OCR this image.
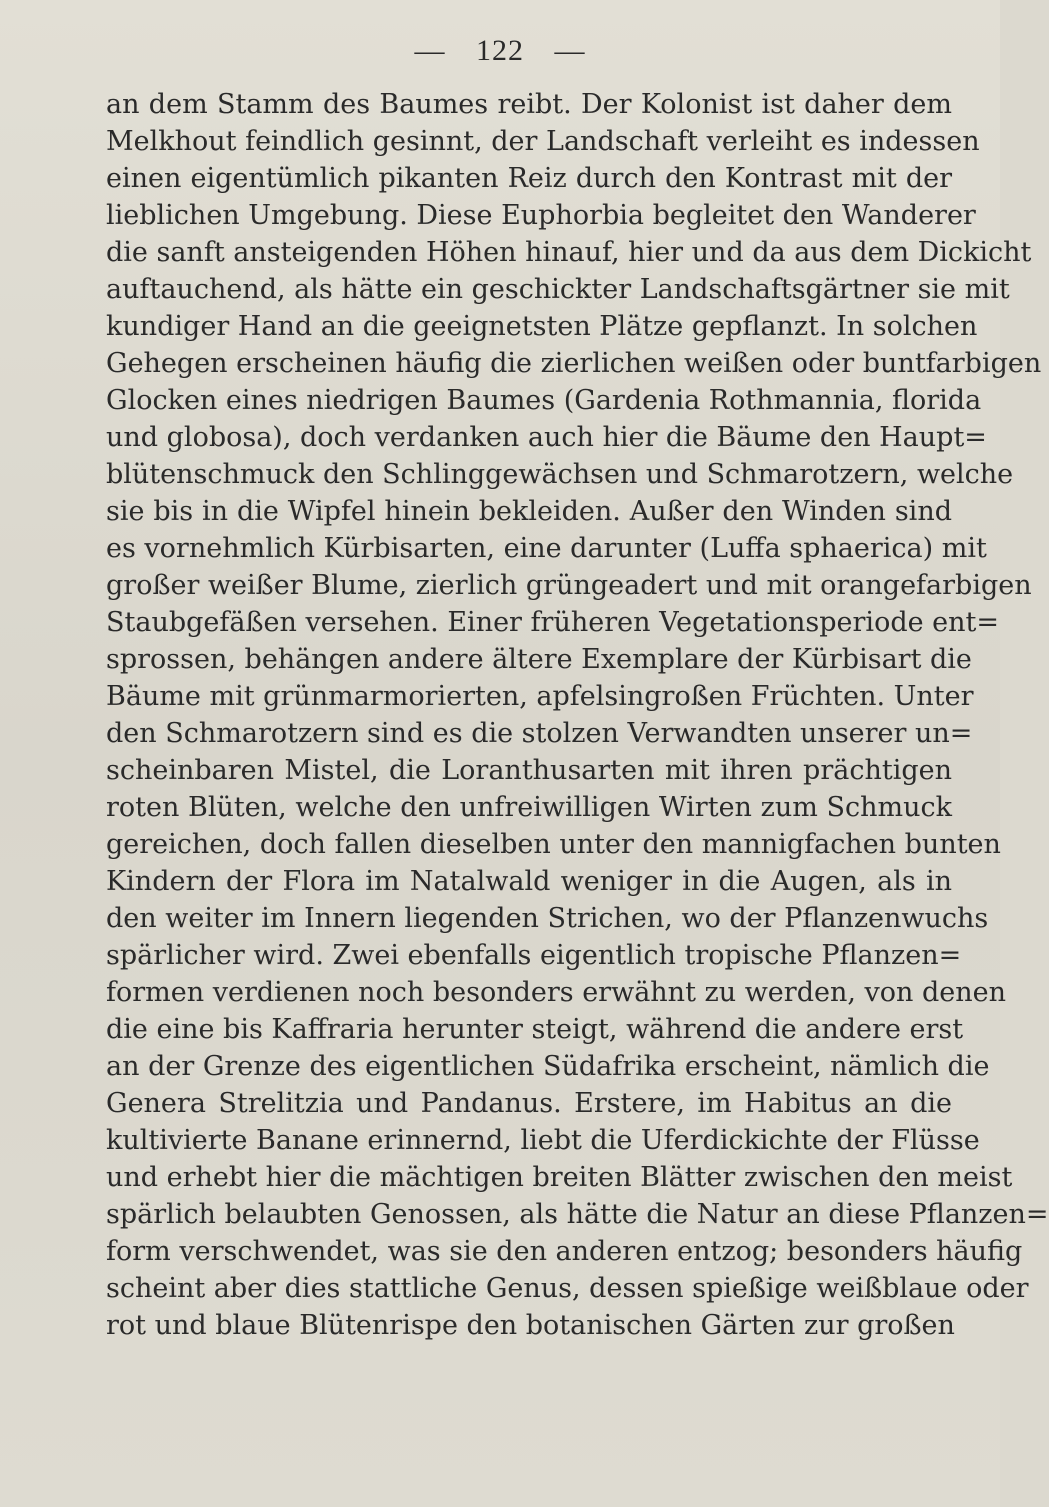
— 122 —
an dem Stamm des Baumes reibt. Der Kolonist ist daher dem
Melkhout feindlich gesinnt, der Landschaft verleiht es indessen
einen eigentümlich pikanten Reiz durch den Kontrast mit der
lieblichen Umgebung. Diese Euphorbia begleitet den Wanderer
die sanft ansteigenden Höhen hinauf, hier und da aus dem Dickicht
auftauchend, als hätte ein geschickter Landschaftsgärtner sie mit
kundiger Hand an die geeignetsten Plätze gepflanzt. In solchen
Gehegen erscheinen häufig die zierlichen weißen oder buntfarbigen
Glocken eines niedrigen Baumes (Gardenia Rothmannia, florida
und globosa), doch verdanken auch hier die Bäume den Haupt=
blütenschmuck den Schlinggewächsen und Schmarotzern, welche
sie bis in die Wipfel hinein bekleiden. Außer den Winden sind
es vornehmlich Kürbisarten, eine darunter (Luffa sphaerica) mit
großer weißer Blume, zierlich grüngeadert und mit orangefarbigen
Staubgefäßen versehen. Einer früheren Vegetationsperiode ent=
sprossen, behängen andere ältere Exemplare der Kürbisart die
Bäume mit grünmarmorierten, apfelsingroßen Früchten. Unter
den Schmarotzern sind es die stolzen Verwandten unserer un=
scheinbaren Mistel, die Loranthusarten mit ihren prächtigen
roten Blüten, welche den unfreiwilligen Wirten zum Schmuck
gereichen, doch fallen dieselben unter den mannigfachen bunten
Kindern der Flora im Natalwald weniger in die Augen, als in
den weiter im Innern liegenden Strichen, wo der Pflanzenwuchs
spärlicher wird. Zwei ebenfalls eigentlich tropische Pflanzen=
formen verdienen noch besonders erwähnt zu werden, von denen
die eine bis Kaffraria herunter steigt, während die andere erst
an der Grenze des eigentlichen Südafrika erscheint, nämlich die
Genera Strelitzia und Pandanus. Erstere, im Habitus an die
kultivierte Banane erinnernd, liebt die Uferdickichte der Flüsse
und erhebt hier die mächtigen breiten Blätter zwischen den meist
spärlich belaubten Genossen, als hätte die Natur an diese Pflanzen=
form verschwendet, was sie den anderen entzog; besonders häufig
scheint aber dies stattliche Genus, dessen spießige weißblaue oder
rot und blaue Blütenrispe den botanischen Gärten zur großen
